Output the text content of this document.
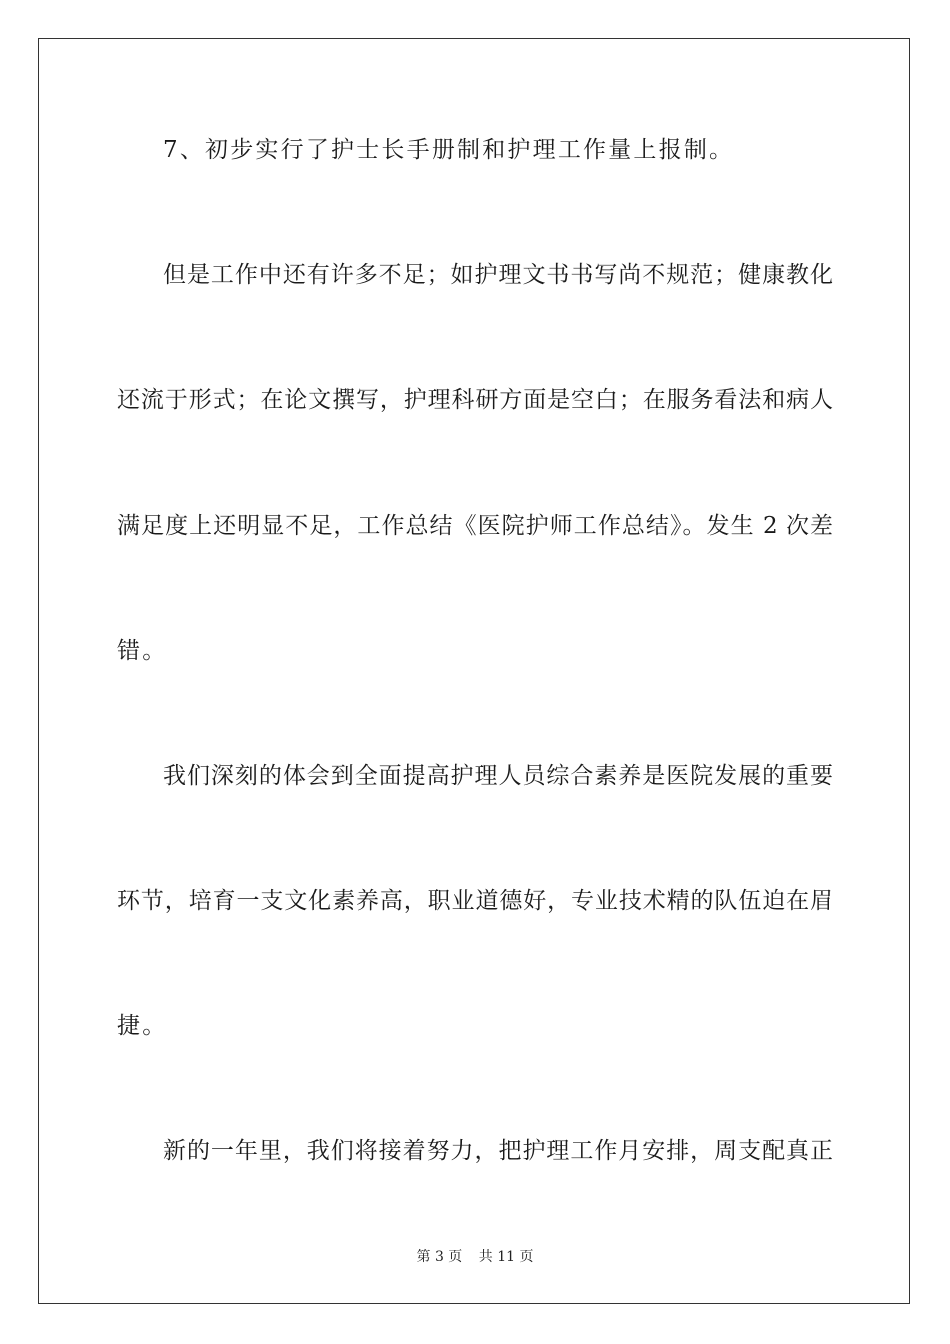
7、初步实行了护士长手册制和护理工作量上报制。
但是工作中还有许多不足；如护理文书书写尚不规范；健康教化
还流于形式；在论文撰写，护理科研方面是空白；在服务看法和病人
满足度上还明显不足，工作总结《医院护师工作总结》。发生 2 次差
错。
我们深刻的体会到全面提高护理人员综合素养是医院发展的重要
环节，培育一支文化素养高，职业道德好，专业技术精的队伍迫在眉
捷。
新的一年里，我们将接着努力，把护理工作月安排，周支配真正
第 3 页 共 11 页
